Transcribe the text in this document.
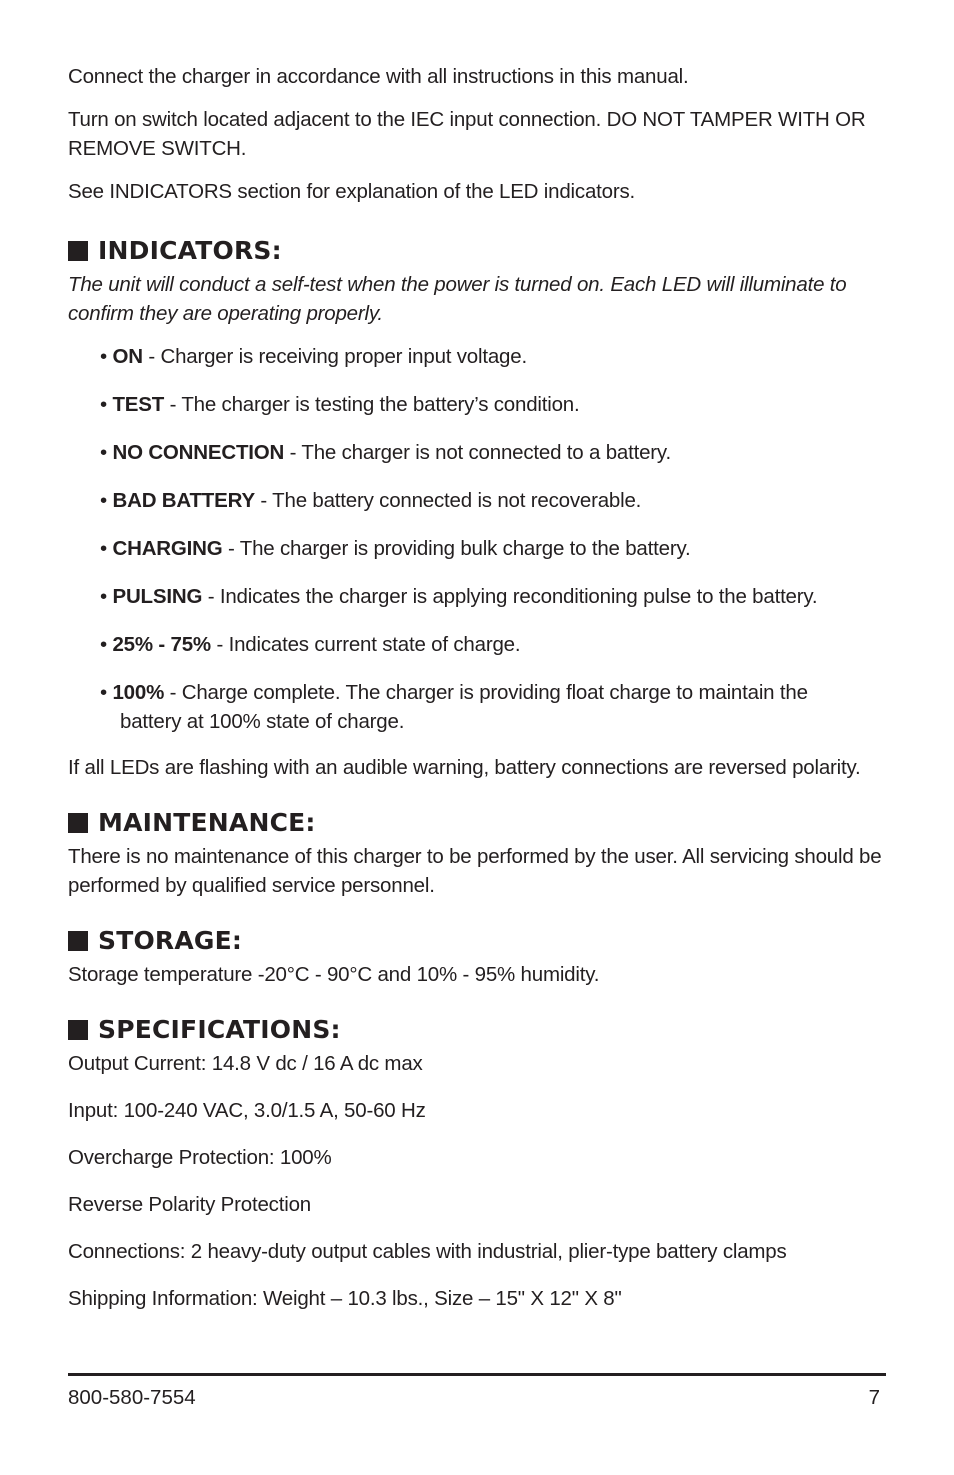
Connect the charger in accordance with all instructions in this manual.

Turn on switch located adjacent to the IEC input connection. DO NOT TAMPER WITH OR REMOVE SWITCH.

See INDICATORS section for explanation of the LED indicators.

INDICATORS:

The unit will conduct a self-test when the power is turned on. Each LED will illuminate to confirm they are operating properly.

• ON - Charger is receiving proper input voltage.
• TEST - The charger is testing the battery’s condition.
• NO CONNECTION - The charger is not connected to a battery.
• BAD BATTERY - The battery connected is not recoverable.
• CHARGING - The charger is providing bulk charge to the battery.
• PULSING - Indicates the charger is applying reconditioning pulse to the battery.
• 25% - 75% - Indicates current state of charge.
• 100% - Charge complete. The charger is providing float charge to maintain the
battery at 100% state of charge.

If all LEDs are flashing with an audible warning, battery connections are reversed polarity.

MAINTENANCE:

There is no maintenance of this charger to be performed by the user. All servicing should be performed by qualified service personnel.

STORAGE:

Storage temperature -20°C - 90°C and 10% - 95% humidity.

SPECIFICATIONS:

Output Current: 14.8 V dc / 16 A dc max

Input: 100-240 VAC, 3.0/1.5 A, 50-60 Hz

Overcharge Protection: 100%

Reverse Polarity Protection

Connections: 2 heavy-duty output cables with industrial, plier-type battery clamps

Shipping Information: Weight – 10.3 lbs., Size – 15" X 12" X 8"

800-580-7554	7
